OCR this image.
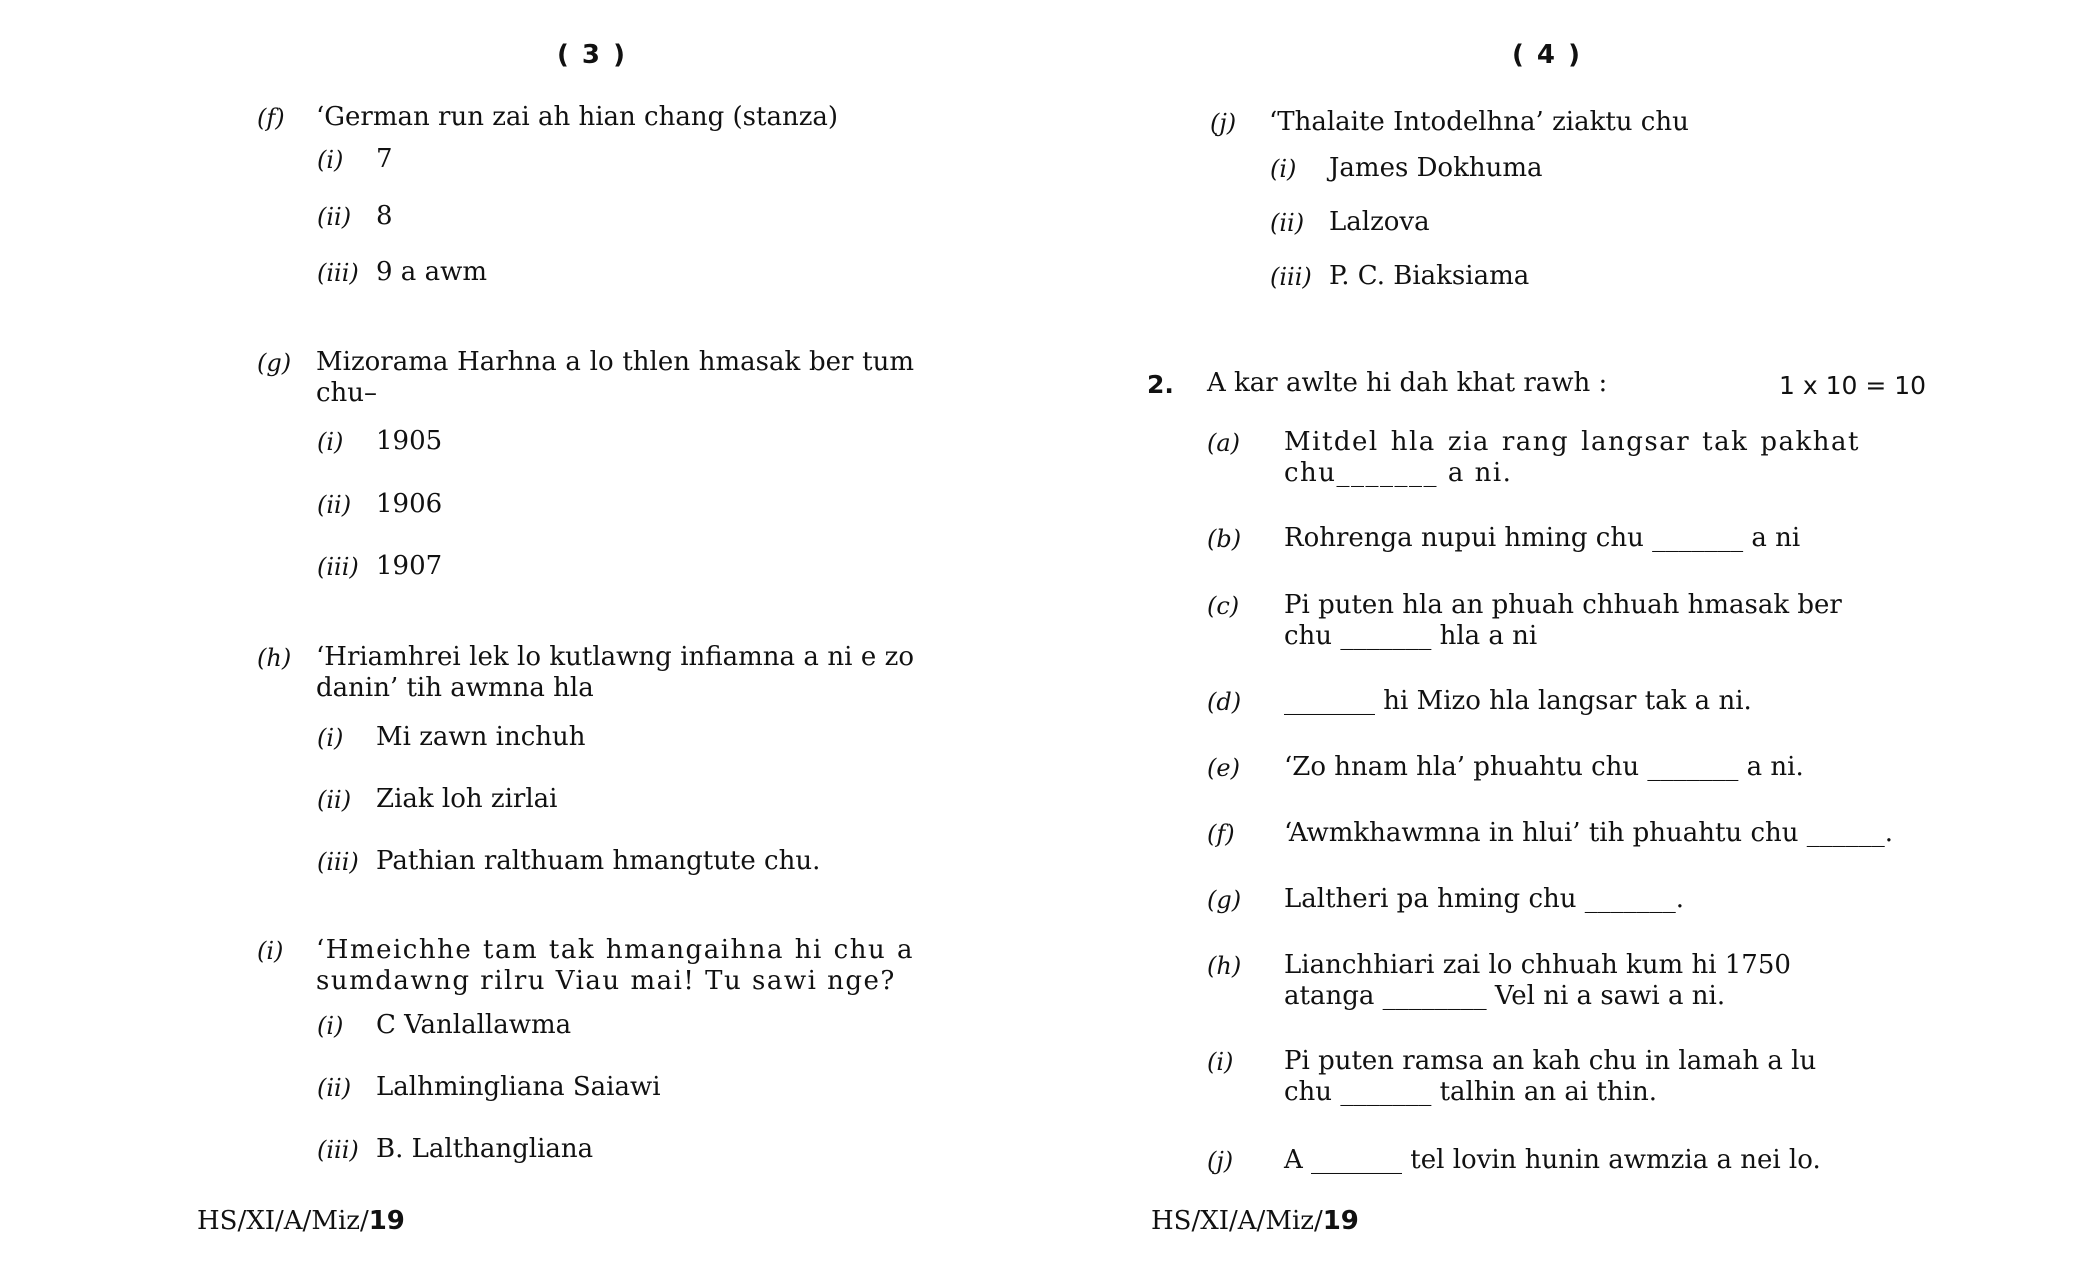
( 3 )
(f) ‘German run zai ah hian chang (stanza)
(i) 7
(ii) 8
(iii) 9 a awm
(g) Mizorama Harhna a lo thlen hmasak ber tum chu–
(i) 1905
(ii) 1906
(iii) 1907
(h) ‘Hriamhrei lek lo kutlawng infiamna a ni e zo danin’ tih awmna hla
(i) Mi zawn inchuh
(ii) Ziak loh zirlai
(iii) Pathian ralthuam hmangtute chu.
(i) ‘Hmeichhe tam tak hmangaihna hi chu a sumdawng rilru Viau mai! Tu sawi nge?
(i) C Vanlallawma
(ii) Lalhmingliana Saiawi
(iii) B. Lalthangliana
HS/XI/A/Miz/19
( 4 )
(j) ‘Thalaite Intodelhna’ ziaktu chu
(i) James Dokhuma
(ii) Lalzova
(iii) P. C. Biaksiama
2. A kar awlte hi dah khat rawh :	1 x 10 = 10
(a) Mitdel hla zia rang langsar tak pakhat chu_______ a ni.
(b) Rohrenga nupui hming chu _______ a ni
(c) Pi puten hla an phuah chhuah hmasak ber chu _______ hla a ni
(d) _______ hi Mizo hla langsar tak a ni.
(e) ‘Zo hnam hla’ phuahtu chu _______ a ni.
(f) ‘Awmkhawmna in hlui’ tih phuahtu chu ______.
(g) Laltheri pa hming chu _______.
(h) Lianchhiari zai lo chhuah kum hi 1750 atanga ________ Vel ni a sawi a ni.
(i) Pi puten ramsa an kah chu in lamah a lu chu _______ talhin an ai thin.
(j) A _______ tel lovin hunin awmzia a nei lo.
HS/XI/A/Miz/19
